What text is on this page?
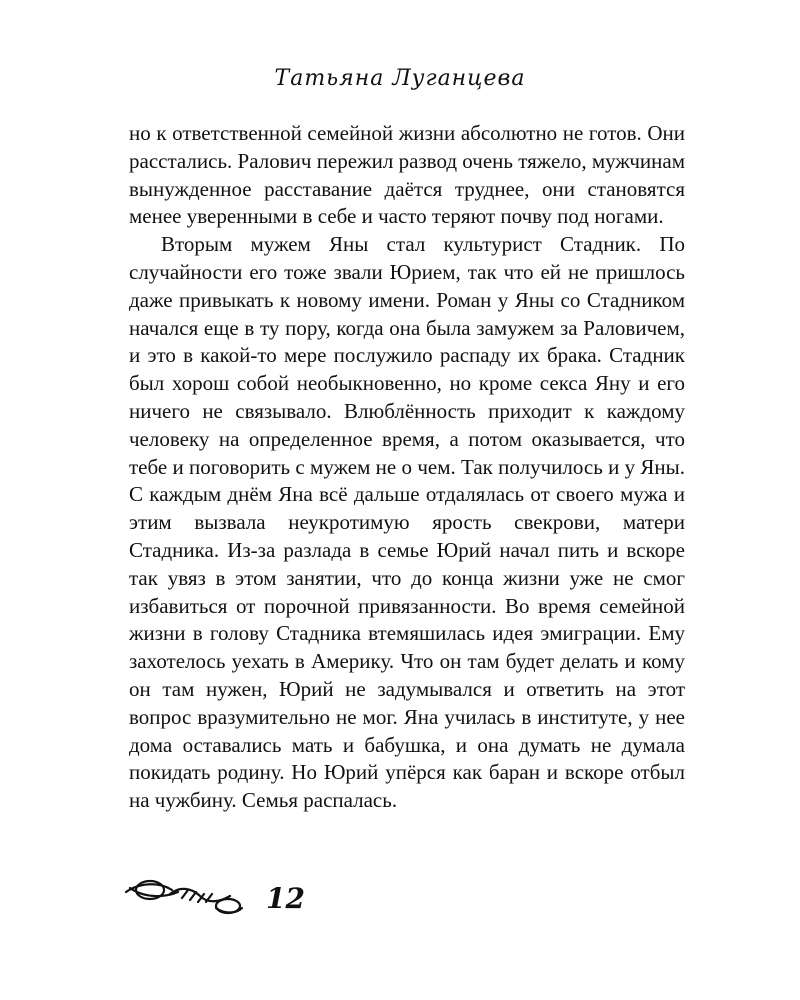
Татьяна Луганцева

но к ответственной семейной жизни абсолютно не готов. Они расстались. Ралович пережил развод очень тяжело, мужчинам вынужденное расставание даётся труднее, они становятся менее уверенными в себе и часто теряют почву под ногами.

Вторым мужем Яны стал культурист Стадник. По случайности его тоже звали Юрием, так что ей не пришлось даже привыкать к новому имени. Роман у Яны со Стадником начался еще в ту пору, когда она была замужем за Раловичем, и это в какой-то мере послужило распаду их брака. Стадник был хорош собой необыкновенно, но кроме секса Яну и его ничего не связывало. Влюблённость приходит к каждому человеку на определенное время, а потом оказывается, что тебе и поговорить с мужем не о чем. Так получилось и у Яны. С каждым днём Яна всё дальше отдалялась от своего мужа и этим вызвала неукротимую ярость свекрови, матери Стадника. Из-за разлада в семье Юрий начал пить и вскоре так увяз в этом занятии, что до конца жизни уже не смог избавиться от порочной привязанности. Во время семейной жизни в голову Стадника втемяшилась идея эмиграции. Ему захотелось уехать в Америку. Что он там будет делать и кому он там нужен, Юрий не задумывался и ответить на этот вопрос вразумительно не мог. Яна училась в институте, у нее дома оставались мать и бабушка, и она думать не думала покидать родину. Но Юрий упёрся как баран и вскоре отбыл на чужбину. Семья распалась.

12
